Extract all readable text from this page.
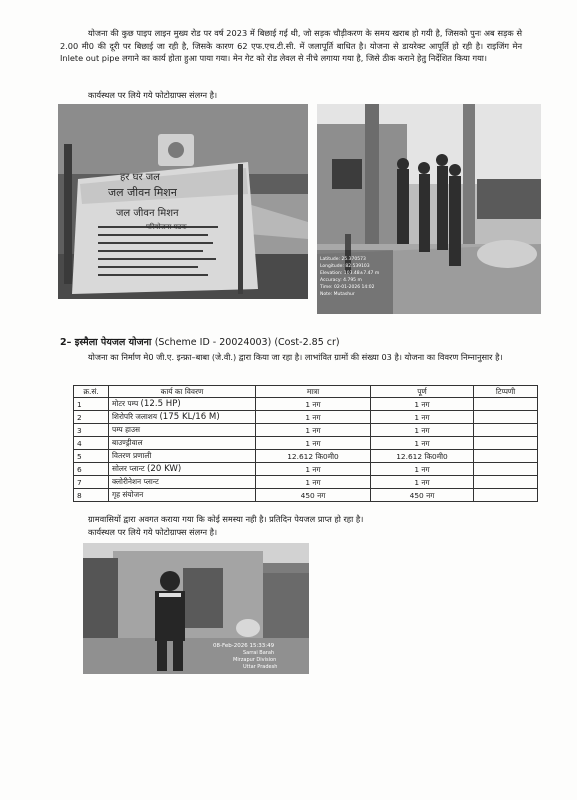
योजना की कुछ पाइप लाइन मुख्य रोड पर वर्ष 2023 में बिछाई गई थी, जो सड़क चौड़ीकरण के समय खराब हो गयी है, जिसको पुनः अब सड़क से 2.00 मी0 की दूरी पर बिछाई जा रही है, जिसके कारण 62 एफ.एच.टी.सी. में जलापूर्ति बाधित है। योजना से डायरेक्ट आपूर्ति हो रही है। राइजिंग मेन Inlete out pipe लगाने का कार्य होता हुआ पाया गया। मेन गेट को रोड लेवल से नीचे लगाया गया है, जिसे ठीक कराने हेतु निर्देशित किया गया।
कार्यस्थल पर लिये गये फोटोग्राफ्स संलग्न है।
हर घर जल
जल जीवन मिशन
जल जीवन मिशन
परियोजना घटक
Latitude: 25.370573
Longitude: 82.539103
Elevation: 103.48±7.47 m
Accuracy: 4.795 m
Time: 02-01-2026 14:02
Note: Mutashur
2– इस्मैला पेयजल योजना (Scheme ID - 20024003) (Cost-2.85 cr)
योजना का निर्माण मे0 जी.ए. इन्फ्रा–बाबा (जे.वी.) द्वारा किया जा रहा है। लाभांवित ग्रामों की संख्या 03 है। योजना का विवरण निम्नानुसार है।
क्र.सं.	कार्य का विवरण	मात्रा	पूर्ण	टिप्पणी
1	मोटर पम्प (12.5 HP)	1 नग	1 नग	
2	शिरोपरि जलाशय (175 KL/16 M)	1 नग	1 नग	
3	पम्प हाउस	1 नग	1 नग	
4	बाउण्ड्रीवाल	1 नग	1 नग	
5	वितरण प्रणाली	12.612 कि0मी0	12.612 कि0मी0	
6	सोलर प्लान्ट (20 KW)	1 नग	1 नग	
7	क्लोरीनेशन प्लान्ट	1 नग	1 नग	
8	गृह संयोजन	450 नग	450 नग	
ग्रामवासियों द्वारा अवगत कराया गया कि कोई समस्या नही है। प्रतिदिन पेयजल प्राप्त हो रहा है।
कार्यस्थल पर लिये गये फोटोग्राफ्स संलग्न है।
08-Feb-2026 15:33:49
Sarrai Barah
Mirzapur Division
Uttar Pradesh
